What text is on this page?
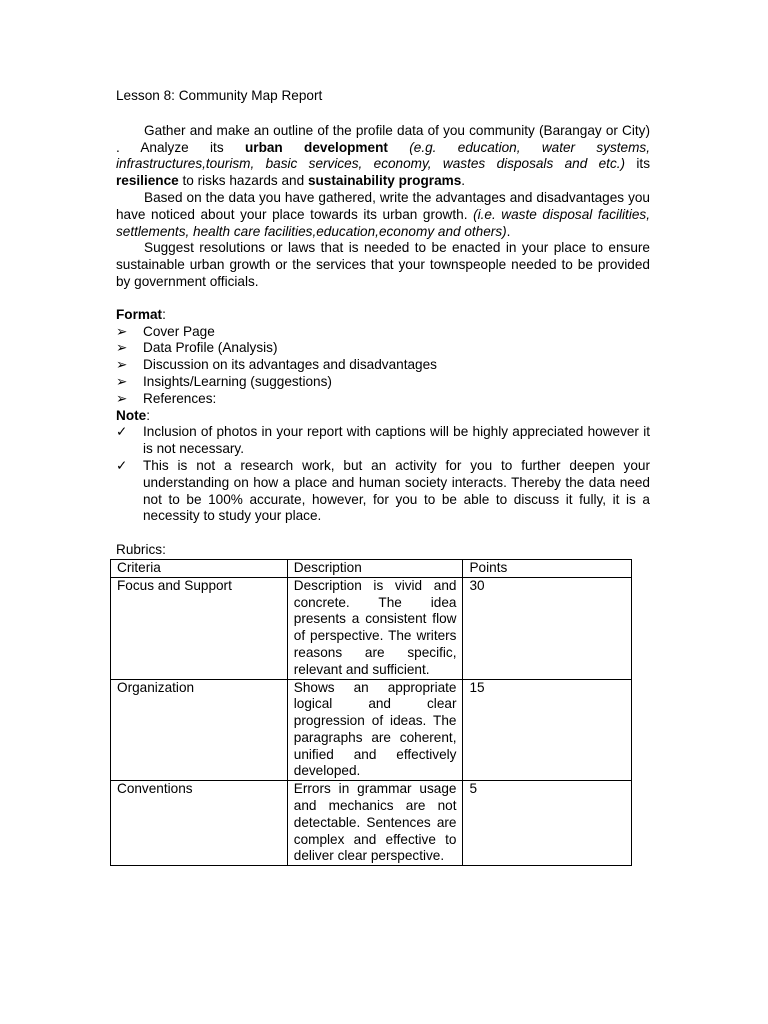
Lesson 8: Community Map Report

Gather and make an outline of the profile data of you community (Barangay or City) . Analyze its urban development (e.g. education, water systems, infrastructures,tourism, basic services, economy, wastes disposals and etc.) its resilience to risks hazards and sustainability programs.

Based on the data you have gathered, write the advantages and disadvantages you have noticed about your place towards its urban growth. (i.e. waste disposal facilities, settlements, health care facilities,education,economy and others).

Suggest resolutions or laws that is needed to be enacted in your place to ensure sustainable urban growth or the services that your townspeople needed to be provided by government officials.

Format:

➢	Cover Page
➢	Data Profile (Analysis)
➢	Discussion on its advantages and disadvantages
➢	Insights/Learning (suggestions)
➢	References:

Note:

✓	Inclusion of photos in your report with captions will be highly appreciated however it is not necessary.
✓	This is not a research work, but an activity for you to further deepen your understanding on how a place and human society interacts. Thereby the data need not to be 100% accurate, however, for you to be able to discuss it fully, it is a necessity to study your place.

Rubrics:

Criteria	Description	Points
Focus and Support	Description is vivid and concrete. The idea presents a consistent flow of perspective. The writers reasons are specific, relevant and sufficient.	30
Organization	Shows an appropriate logical and clear progression of ideas. The paragraphs are coherent, unified and effectively developed.	15
Conventions	Errors in grammar usage and mechanics are not detectable. Sentences are complex and effective to deliver clear perspective.	5
